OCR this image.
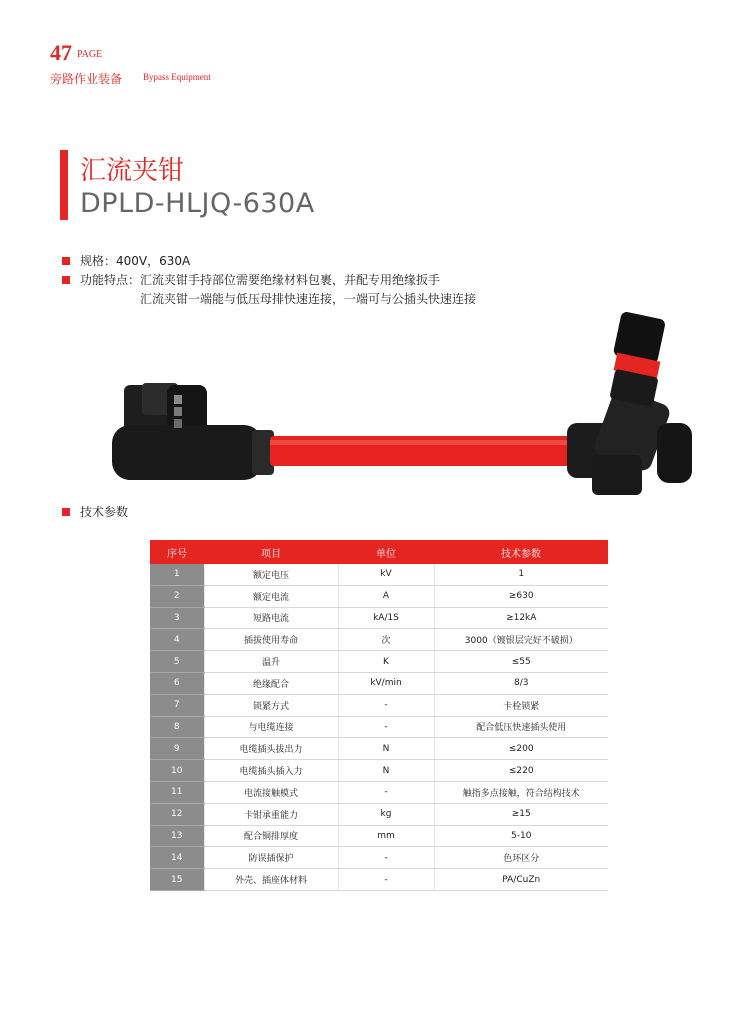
47 PAGE
旁路作业装备 Bypass Equipment
汇流夹钳
DPLD-HLJQ-630A
规格：400V，630A
功能特点：汇流夹钳手持部位需要绝缘材料包裹，并配专用绝缘扳手
汇流夹钳一端能与低压母排快速连接，一端可与公插头快速连接
技术参数
序号	项目	单位	技术参数
1	额定电压	kV	1
2	额定电流	A	≥630
3	短路电流	kA/1S	≥12kA
4	插拔使用寿命	次	3000（镀银层完好不破损）
5	温升	K	≤55
6	绝缘配合	kV/min	8/3
7	锁紧方式	-	卡栓锁紧
8	与电缆连接	-	配合低压快速插头使用
9	电缆插头拔出力	N	≤200
10	电缆插头插入力	N	≤220
11	电流接触模式	-	触指多点接触，符合结构技术
12	卡钳承重能力	kg	≥15
13	配合铜排厚度	mm	5-10
14	防误插保护	-	色环区分
15	外壳、插座体材料	-	PA/CuZn
